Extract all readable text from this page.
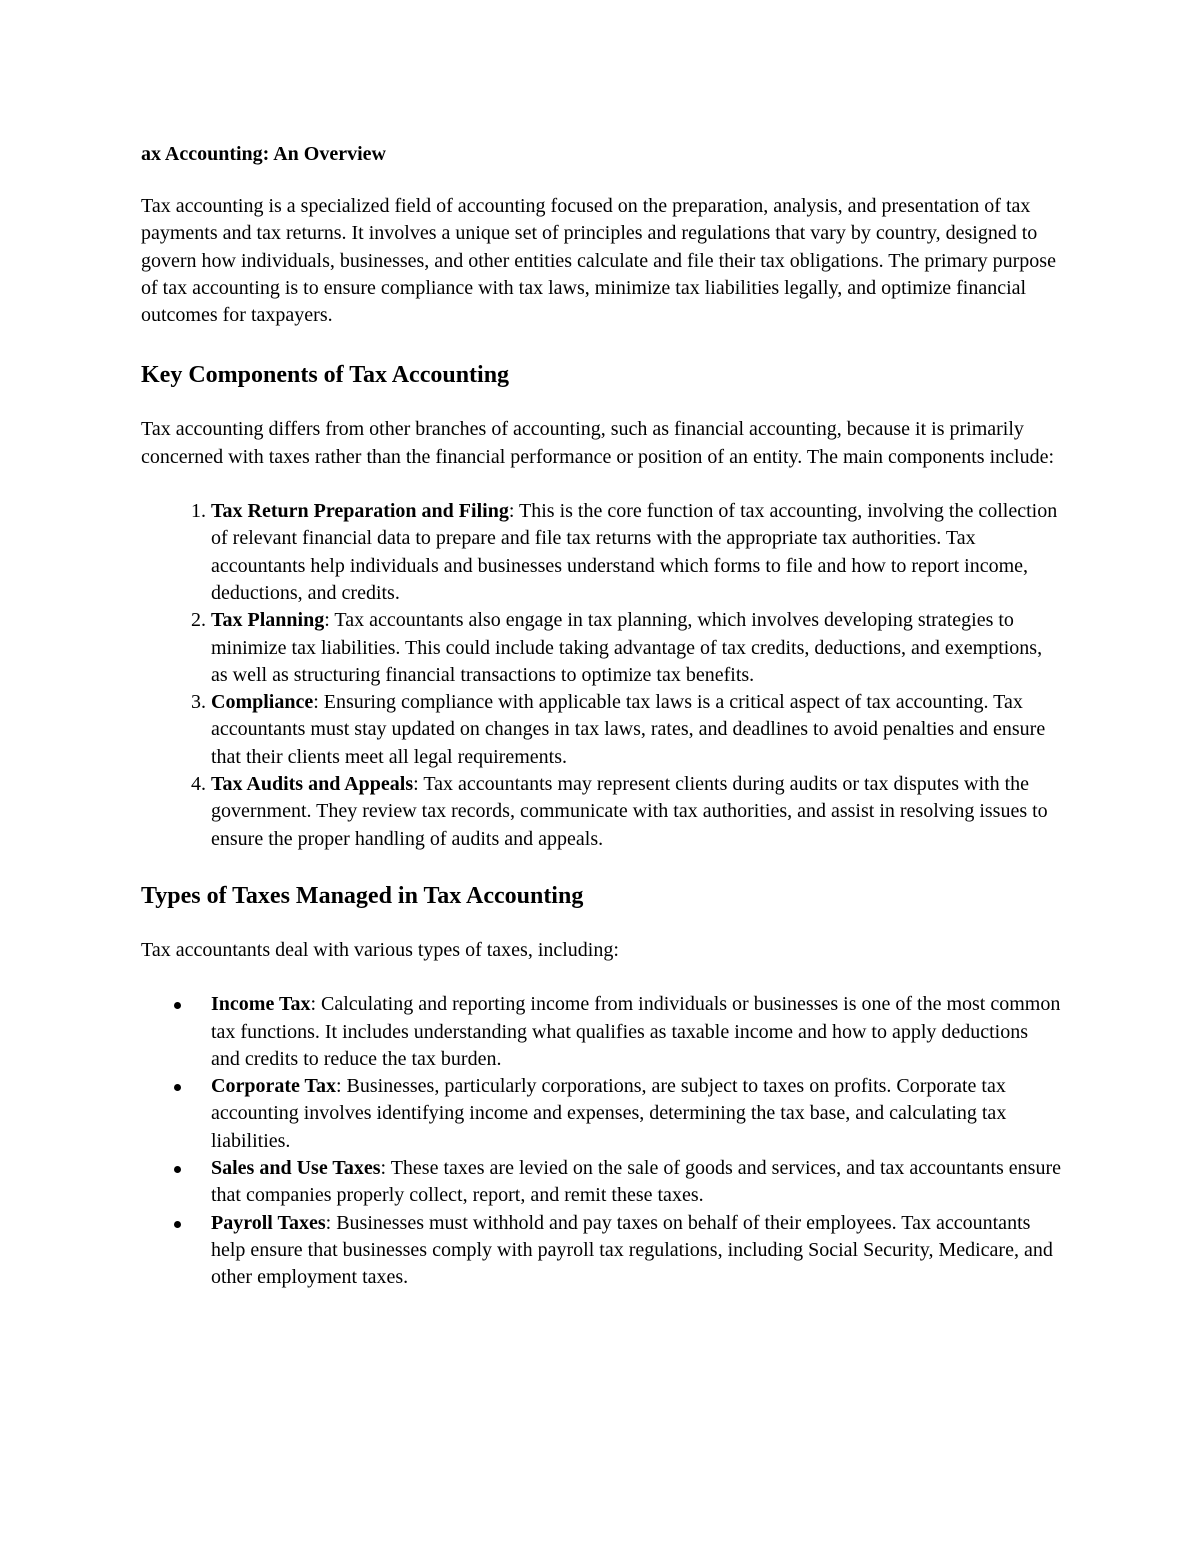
ax Accounting: An Overview

Tax accounting is a specialized field of accounting focused on the preparation, analysis, and presentation of tax payments and tax returns. It involves a unique set of principles and regulations that vary by country, designed to govern how individuals, businesses, and other entities calculate and file their tax obligations. The primary purpose of tax accounting is to ensure compliance with tax laws, minimize tax liabilities legally, and optimize financial outcomes for taxpayers.

Key Components of Tax Accounting

Tax accounting differs from other branches of accounting, such as financial accounting, because it is primarily concerned with taxes rather than the financial performance or position of an entity. The main components include:

1. Tax Return Preparation and Filing: This is the core function of tax accounting, involving the collection of relevant financial data to prepare and file tax returns with the appropriate tax authorities. Tax accountants help individuals and businesses understand which forms to file and how to report income, deductions, and credits.
2. Tax Planning: Tax accountants also engage in tax planning, which involves developing strategies to minimize tax liabilities. This could include taking advantage of tax credits, deductions, and exemptions, as well as structuring financial transactions to optimize tax benefits.
3. Compliance: Ensuring compliance with applicable tax laws is a critical aspect of tax accounting. Tax accountants must stay updated on changes in tax laws, rates, and deadlines to avoid penalties and ensure that their clients meet all legal requirements.
4. Tax Audits and Appeals: Tax accountants may represent clients during audits or tax disputes with the government. They review tax records, communicate with tax authorities, and assist in resolving issues to ensure the proper handling of audits and appeals.
Types of Taxes Managed in Tax Accounting

Tax accountants deal with various types of taxes, including:

Income Tax: Calculating and reporting income from individuals or businesses is one of the most common tax functions. It includes understanding what qualifies as taxable income and how to apply deductions and credits to reduce the tax burden.
Corporate Tax: Businesses, particularly corporations, are subject to taxes on profits. Corporate tax accounting involves identifying income and expenses, determining the tax base, and calculating tax liabilities.
Sales and Use Taxes: These taxes are levied on the sale of goods and services, and tax accountants ensure that companies properly collect, report, and remit these taxes.
Payroll Taxes: Businesses must withhold and pay taxes on behalf of their employees. Tax accountants help ensure that businesses comply with payroll tax regulations, including Social Security, Medicare, and other employment taxes.
